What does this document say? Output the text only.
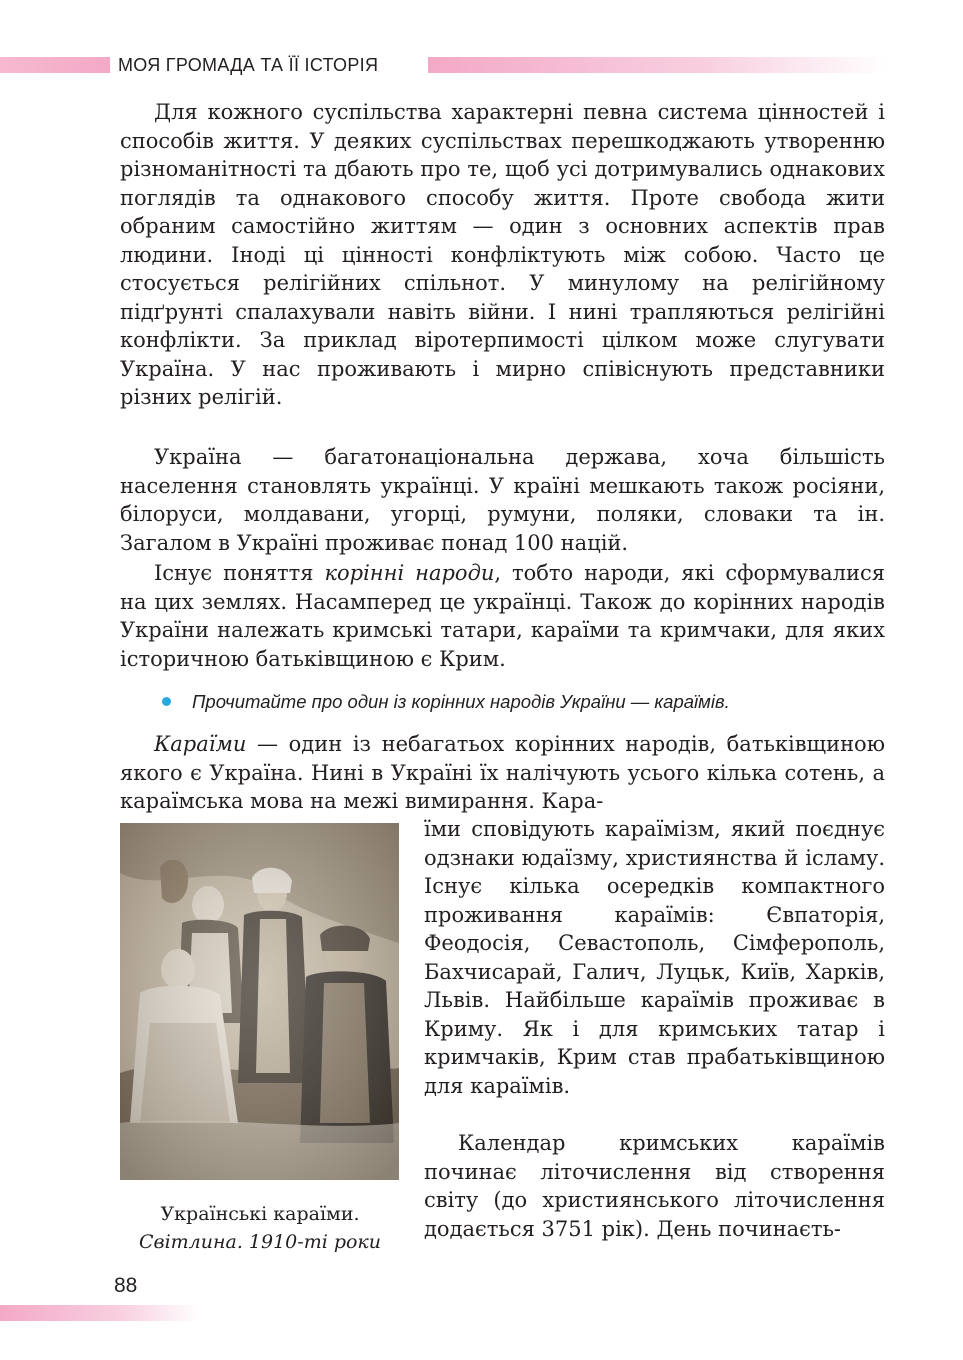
МОЯ ГРОМАДА ТА ЇЇ ІСТОРІЯ

Для кожного суспільства характерні певна система цінностей і способів життя. У деяких суспільствах перешкоджають утворенню різноманітності та дбають про те, щоб усі дотримувались однакових поглядів та однакового способу життя. Проте свобода жити обраним самостійно життям — один з основних аспектів прав людини. Іноді ці цінності конфліктують між собою. Часто це стосується релігійних спільнот. У минулому на релігійному підґрунті спалахували навіть війни. І нині трапляються релігійні конфлікти. За приклад віротерпимості цілком може слугувати Україна. У нас проживають і мирно співіснують представники різних релігій.

Україна — багатонаціональна держава, хоча більшість населення становлять українці. У країні мешкають також росіяни, білоруси, молдавани, угорці, румуни, поляки, словаки та ін. Загалом в Україні проживає понад 100 націй.

Існує поняття корінні народи, тобто народи, які сформувалися на цих землях. Насамперед це українці. Також до корінних народів України належать кримські татари, караїми та кримчаки, для яких історичною батьківщиною є Крим.

Прочитайте про один із корінних народів України — караїмів.

Караїми — один із небагатьох корінних народів, батьківщиною якого є Україна. Нині в Україні їх налічують усього кілька сотень, а караїмська мова на межі вимирання. Кара-

їми сповідують караїмізм, який поєднує одзнаки юдаїзму, християнства й ісламу. Існує кілька осередків компактного проживання караїмів: Євпаторія, Феодосія, Севастополь, Сімферополь, Бахчисарай, Галич, Луцьк, Київ, Харків, Львів. Найбільше караїмів проживає в Криму. Як і для кримських татар і кримчаків, Крим став прабатьківщиною для караїмів.

Календар кримських караїмів починає літочислення від створення світу (до християнського літочислення додається 3751 рік). День починаєть-

Українські караїми.
Світлина. 1910-ті роки
88
